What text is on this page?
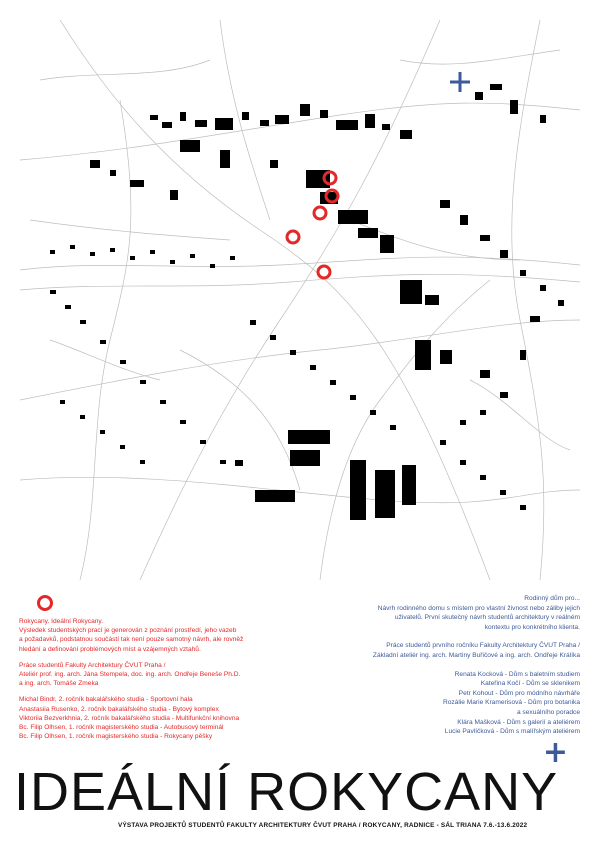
Rokycany. Ideální Rokycany.
Výsledek studentských prací je generován z poznání prostředí, jeho vazeb
a požadavků, podstatnou součástí tak není pouze samotný návrh, ale rovněž
hledání a definování problémových míst a vzájemných vztahů.

Práce studentů Fakulty Architektury ČVUT Praha /
Ateliér prof. ing. arch. Jána Stempela, doc. ing. arch. Ondřeje Beneše Ph.D.
a ing. arch. Tomáše Zmeka

Michal Bindr, 2. ročník bakalářského studia - Sportovní hala
Anastasiia Rusenko, 2. ročník bakalářského studia - Bytový komplex
Viktoriia Bezverkhnia, 2. ročník bakalářského studia - Multifunkční knihovna
Bc. Filip Olhsen, 1. ročník magisterského studia - Autobusový terminál
Bc. Filip Olhsen, 1. ročník magisterského studia - Rokycany pěšky

Rodinný dům pro...
Návrh rodinného domu s místem pro vlastní živnost nebo záliby jejich
uživatelů. První skutečný návrh studentů architektury v reálném
kontextu pro konkrétního klienta.

Práce studentů prvního ročníku Fakulty Architektury ČVUT Praha /
Základní ateliér ing. arch. Martiny Buřičové a ing. arch. Ondřeje Králíka

Renata Kocková - Dům s baletním studiem
Kateřina Kočí - Dům se sklenikem
Petr Kohout - Dům pro módního návrháře
Rozálie Marie Kramerisová - Dům pro botanika
a sexuálního poradce
Klára Mašková - Dům s galerií a ateliérem
Lucie Pavlíčková - Dům s malířským ateliérem

+
IDEÁLNÍ ROKYCANY
VÝSTAVA PROJEKTŮ STUDENTŮ FAKULTY ARCHITEKTURY ČVUT PRAHA / ROKYCANY, RADNICE - SÁL TRIANA 7.6.-13.6.2022
